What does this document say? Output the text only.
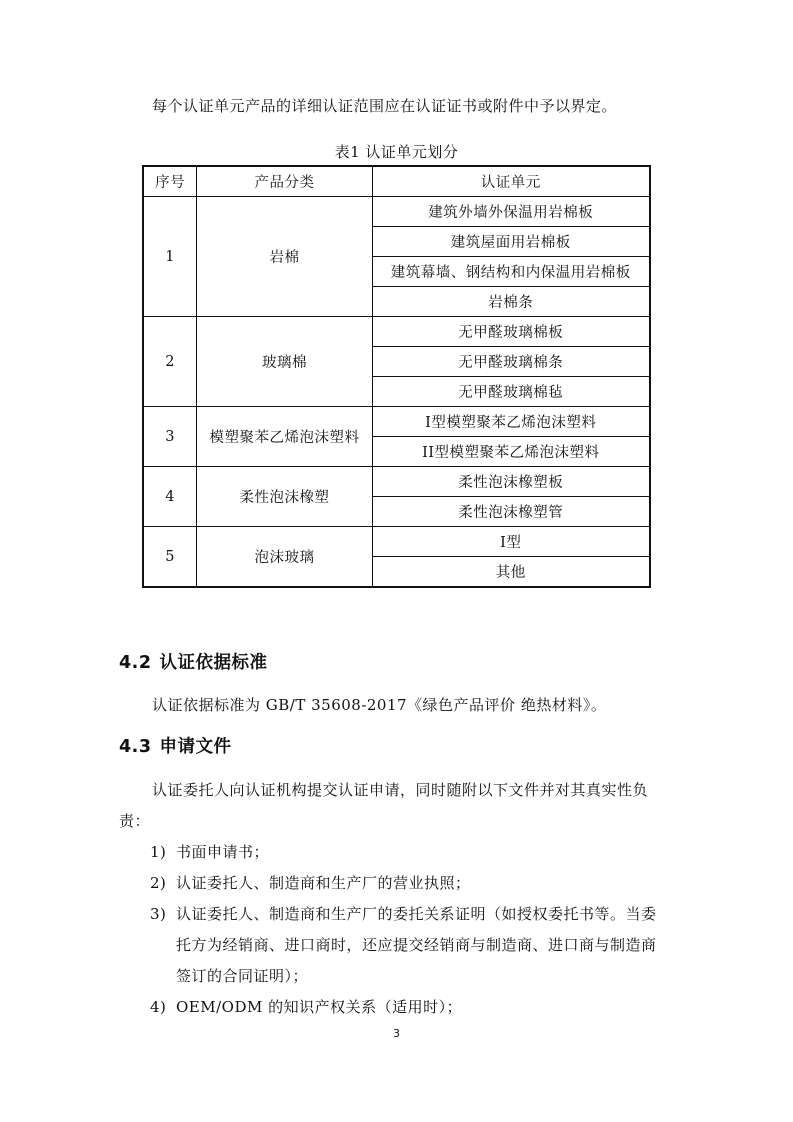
每个认证单元产品的详细认证范围应在认证证书或附件中予以界定。
表1 认证单元划分
序号	产品分类	认证单元
1	岩棉	建筑外墙外保温用岩棉板
		建筑屋面用岩棉板
		建筑幕墙、钢结构和内保温用岩棉板
		岩棉条
2	玻璃棉	无甲醛玻璃棉板
		无甲醛玻璃棉条
		无甲醛玻璃棉毡
3	模塑聚苯乙烯泡沫塑料	I型模塑聚苯乙烯泡沫塑料
		II型模塑聚苯乙烯泡沫塑料
4	柔性泡沫橡塑	柔性泡沫橡塑板
		柔性泡沫橡塑管
5	泡沫玻璃	I型
		其他
4.2 认证依据标准
认证依据标准为 GB/T 35608-2017《绿色产品评价 绝热材料》。
4.3 申请文件
认证委托人向认证机构提交认证申请，同时随附以下文件并对其真实性负
责：
1) 书面申请书；
2) 认证委托人、制造商和生产厂的营业执照；
3) 认证委托人、制造商和生产厂的委托关系证明（如授权委托书等。当委
托方为经销商、进口商时，还应提交经销商与制造商、进口商与制造商
签订的合同证明）；
4) OEM/ODM 的知识产权关系（适用时）；
3
